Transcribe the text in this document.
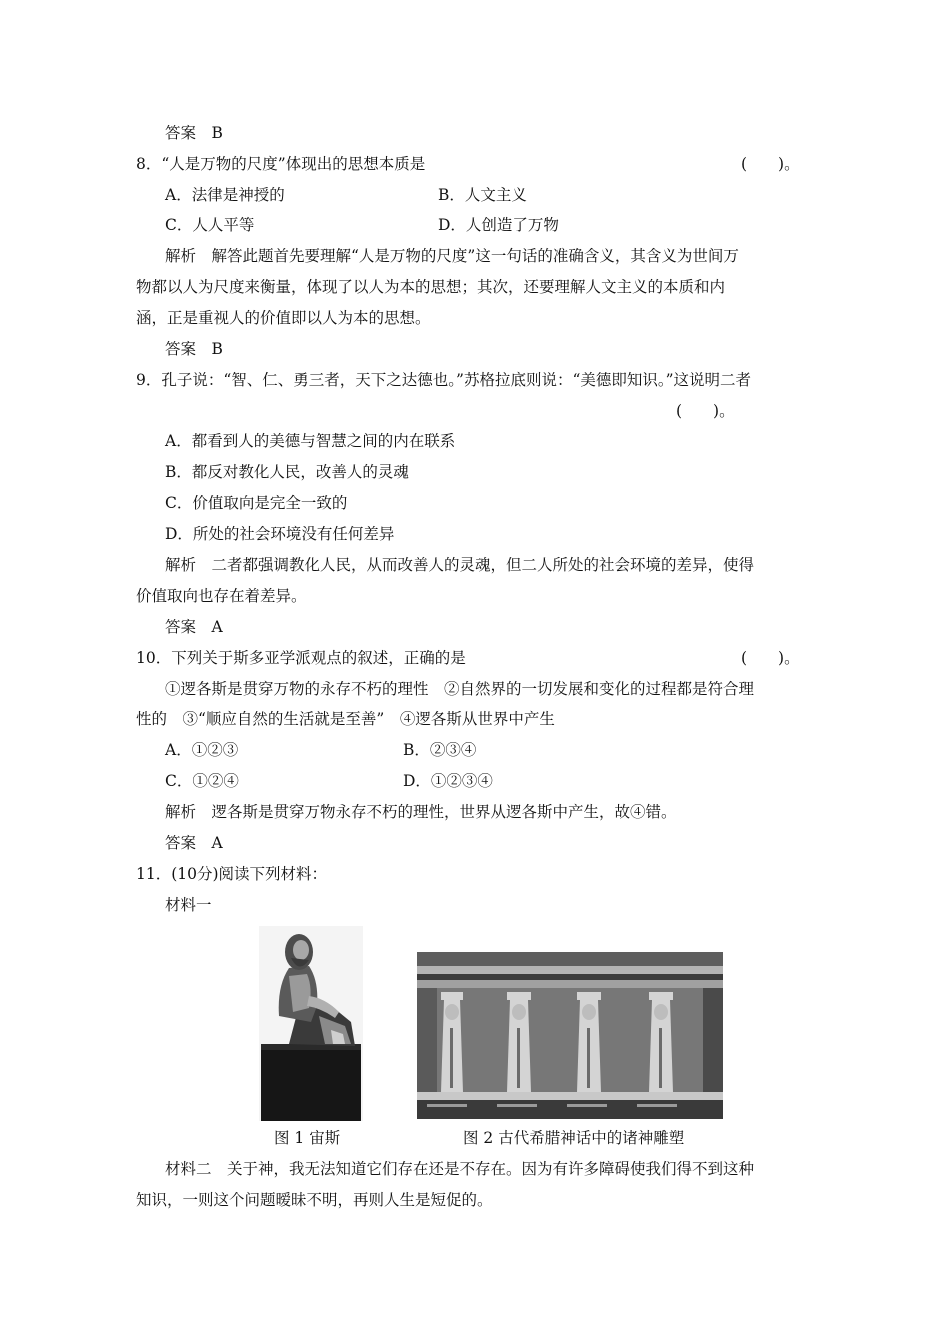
答案　B
8．“人是万物的尺度”体现出的思想本质是	(　　)。
A．法律是神授的	B．人文主义
C．人人平等	D．人创造了万物
解析　解答此题首先要理解“人是万物的尺度”这一句话的准确含义，其含义为世间万
物都以人为尺度来衡量，体现了以人为本的思想；其次，还要理解人文主义的本质和内
涵，正是重视人的价值即以人为本的思想。
答案　B
9．孔子说：“智、仁、勇三者，天下之达德也。”苏格拉底则说：“美德即知识。”这说明二者
(　　)。
A．都看到人的美德与智慧之间的内在联系
B．都反对教化人民，改善人的灵魂
C．价值取向是完全一致的
D．所处的社会环境没有任何差异
解析　二者都强调教化人民，从而改善人的灵魂，但二人所处的社会环境的差异，使得
价值取向也存在着差异。
答案　A
10．下列关于斯多亚学派观点的叙述，正确的是	(　　)。
①逻各斯是贯穿万物的永存不朽的理性　②自然界的一切发展和变化的过程都是符合理
性的　③“顺应自然的生活就是至善”　④逻各斯从世界中产生
A．①②③	B．②③④
C．①②④	D．①②③④
解析　逻各斯是贯穿万物永存不朽的理性，世界从逻各斯中产生，故④错。
答案　A
11．(10分)阅读下列材料：
材料一
图 1 宙斯	图 2 古代希腊神话中的诸神雕塑
材料二　关于神，我无法知道它们存在还是不存在。因为有许多障碍使我们得不到这种
知识，一则这个问题暧昧不明，再则人生是短促的。
